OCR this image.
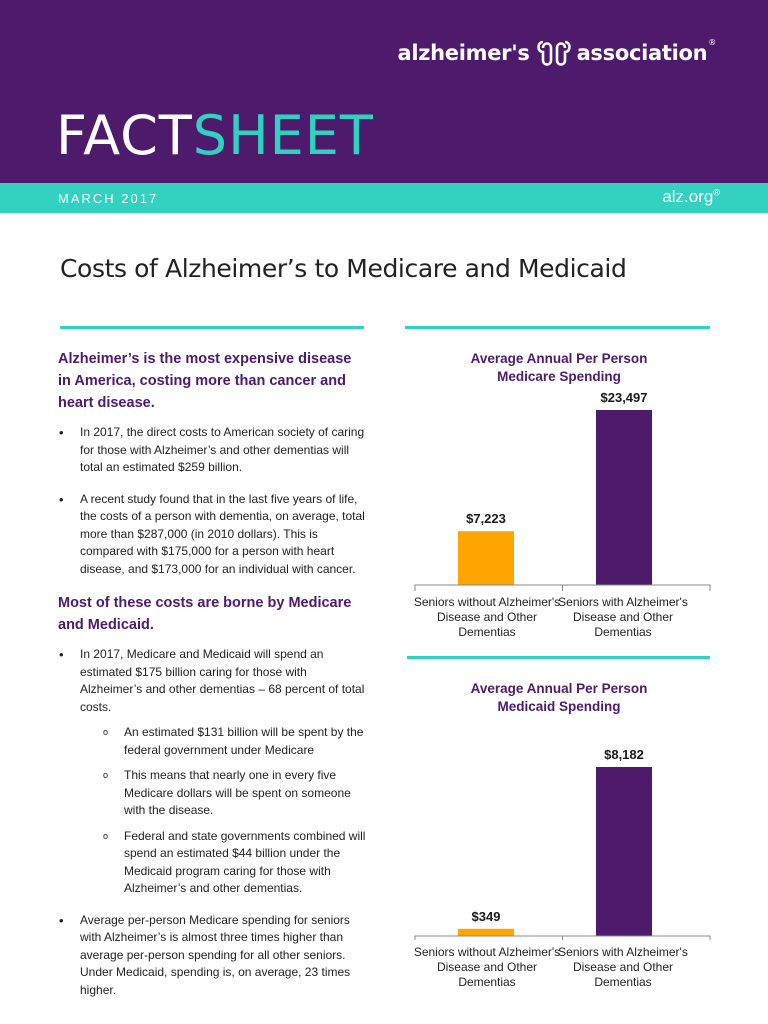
alzheimer's association ®
FACTSHEET
MARCH 2017	alz.org®
Costs of Alzheimer’s to Medicare and Medicaid

Alzheimer’s is the most expensive disease in America, costing more than cancer and heart disease.

• In 2017, the direct costs to American society of caring for those with Alzheimer’s and other dementias will total an estimated $259 billion.
• A recent study found that in the last five years of life, the costs of a person with dementia, on average, total more than $287,000 (in 2010 dollars). This is compared with $175,000 for a person with heart disease, and $173,000 for an individual with cancer.

Most of these costs are borne by Medicare and Medicaid.

• In 2017, Medicare and Medicaid will spend an estimated $175 billion caring for those with Alzheimer’s and other dementias – 68 percent of total costs.
o An estimated $131 billion will be spent by the federal government under Medicare
o This means that nearly one in every five Medicare dollars will be spent on someone with the disease.
o Federal and state governments combined will spend an estimated $44 billion under the Medicaid program caring for those with Alzheimer’s and other dementias.
• Average per-person Medicare spending for seniors with Alzheimer’s is almost three times higher than average per-person spending for all other seniors. Under Medicaid, spending is, on average, 23 times higher.
Average Annual Per Person Medicare Spending
$7,223
$23,497
Seniors without Alzheimer's Disease and Other Dementias
Seniors with Alzheimer's Disease and Other Dementias
Average Annual Per Person Medicaid Spending
$349
$8,182
Seniors without Alzheimer's Disease and Other Dementias
Seniors with Alzheimer's Disease and Other Dementias
